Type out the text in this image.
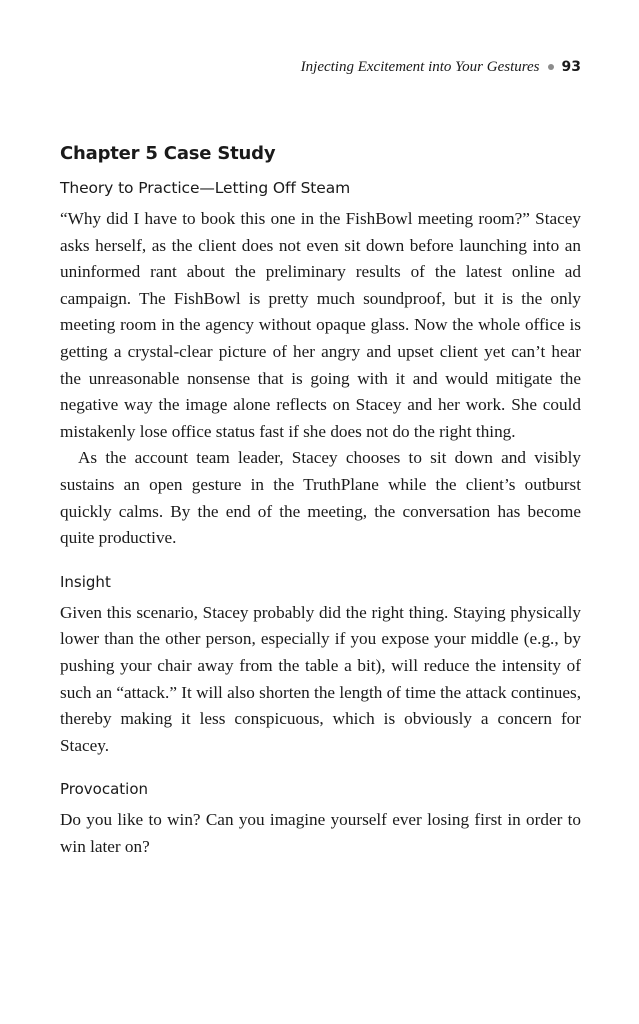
Injecting Excitement into Your Gestures 93
Chapter 5 Case Study
Theory to Practice—Letting Off Steam

“Why did I have to book this one in the FishBowl meeting room?” Stacey asks herself, as the client does not even sit down before launching into an uninformed rant about the preliminary results of the latest online ad campaign. The FishBowl is pretty much soundproof, but it is the only meeting room in the agency without opaque glass. Now the whole office is getting a crystal-clear picture of her angry and upset client yet can’t hear the unreasonable nonsense that is going with it and would mitigate the negative way the image alone reflects on Stacey and her work. She could mistakenly lose office status fast if she does not do the right thing.

As the account team leader, Stacey chooses to sit down and visibly sustains an open gesture in the TruthPlane while the client’s outburst quickly calms. By the end of the meeting, the conversation has become quite productive.

Insight

Given this scenario, Stacey probably did the right thing. Staying physically lower than the other person, especially if you expose your middle (e.g., by pushing your chair away from the table a bit), will reduce the intensity of such an “attack.” It will also shorten the length of time the attack continues, thereby making it less conspicuous, which is obviously a concern for Stacey.

Provocation

Do you like to win? Can you imagine yourself ever losing first in order to win later on?
